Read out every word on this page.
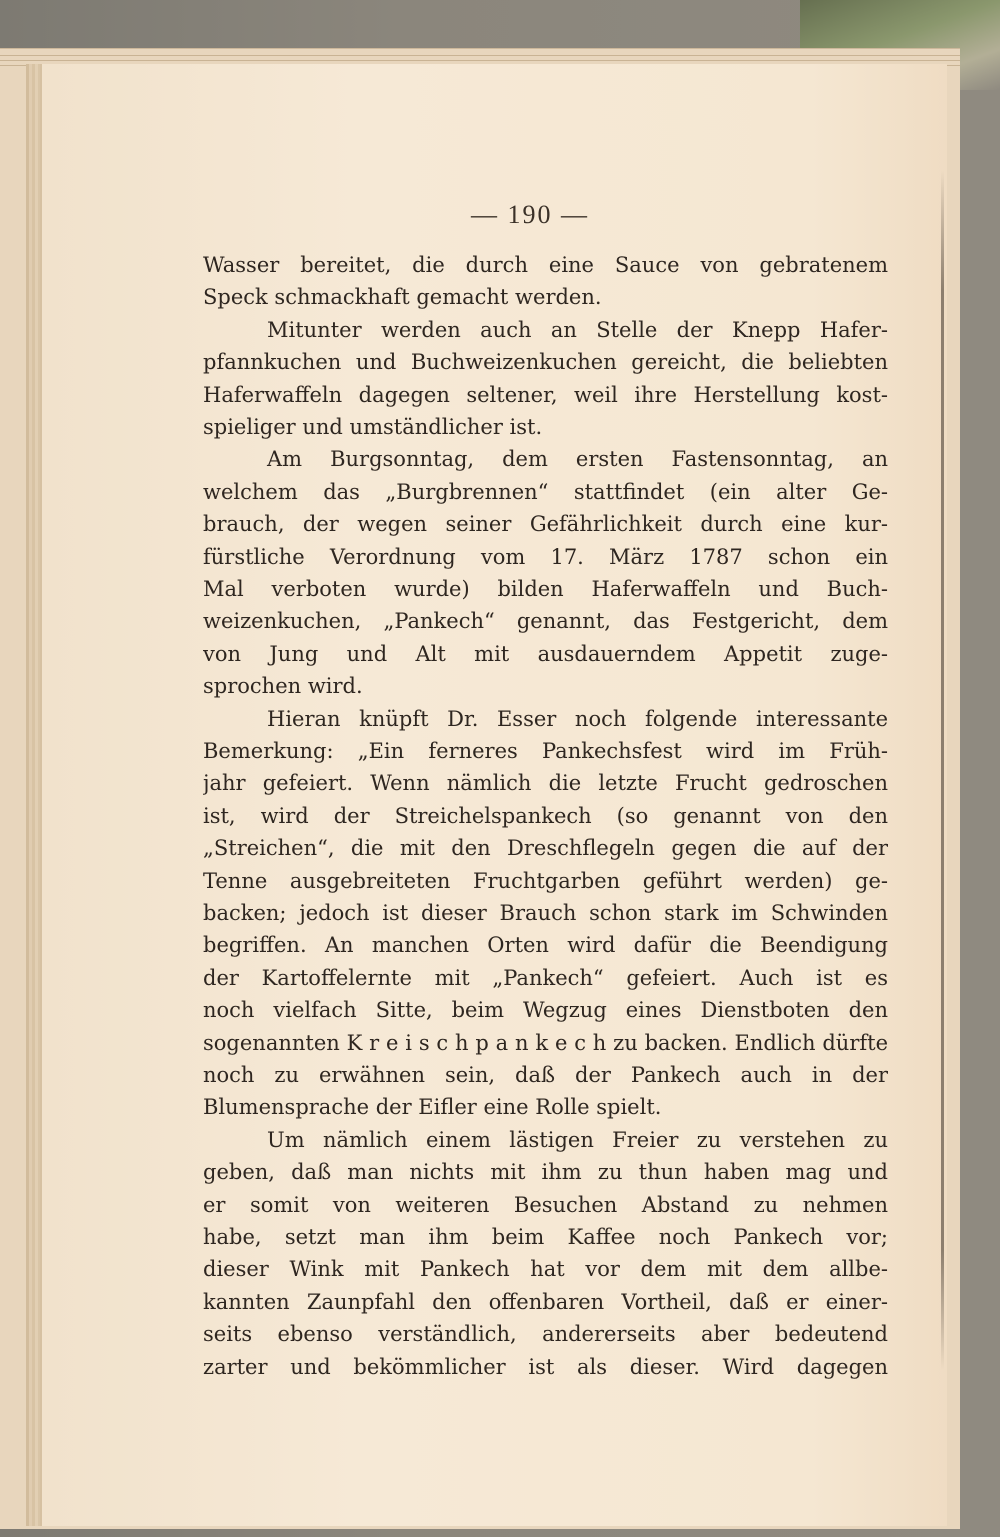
— 190 —
Wasser bereitet, die durch eine Sauce von gebratenem
Speck schmackhaft gemacht werden.
Mitunter werden auch an Stelle der Knepp Hafer-
pfannkuchen und Buchweizenkuchen gereicht, die beliebten
Haferwaffeln dagegen seltener, weil ihre Herstellung kost-
spieliger und umständlicher ist.
Am Burgsonntag, dem ersten Fastensonntag, an
welchem das „Burgbrennen“ stattfindet (ein alter Ge-
brauch, der wegen seiner Gefährlichkeit durch eine kur-
fürstliche Verordnung vom 17. März 1787 schon ein
Mal verboten wurde) bilden Haferwaffeln und Buch-
weizenkuchen, „Pankech“ genannt, das Festgericht, dem
von Jung und Alt mit ausdauerndem Appetit zuge-
sprochen wird.
Hieran knüpft Dr. Esser noch folgende interessante
Bemerkung: „Ein ferneres Pankechsfest wird im Früh-
jahr gefeiert. Wenn nämlich die letzte Frucht gedroschen
ist, wird der Streichelspankech (so genannt von den
„Streichen“, die mit den Dreschflegeln gegen die auf der
Tenne ausgebreiteten Fruchtgarben geführt werden) ge-
backen; jedoch ist dieser Brauch schon stark im Schwinden
begriffen. An manchen Orten wird dafür die Beendigung
der Kartoffelernte mit „Pankech“ gefeiert. Auch ist es
noch vielfach Sitte, beim Wegzug eines Dienstboten den
sogenannten K r e i s c h p a n k e c h zu backen. Endlich dürfte
noch zu erwähnen sein, daß der Pankech auch in der
Blumensprache der Eifler eine Rolle spielt.
Um nämlich einem lästigen Freier zu verstehen zu
geben, daß man nichts mit ihm zu thun haben mag und
er somit von weiteren Besuchen Abstand zu nehmen
habe, setzt man ihm beim Kaffee noch Pankech vor;
dieser Wink mit Pankech hat vor dem mit dem allbe-
kannten Zaunpfahl den offenbaren Vortheil, daß er einer-
seits ebenso verständlich, andererseits aber bedeutend
zarter und bekömmlicher ist als dieser. Wird dagegen
